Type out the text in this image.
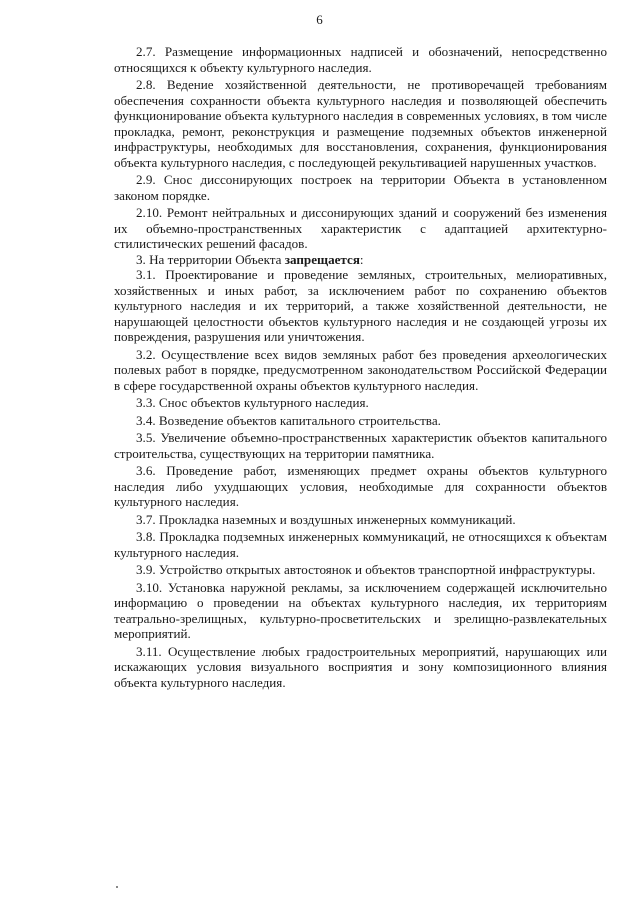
6

2.7. Размещение информационных надписей и обозначений, непосредственно относящихся к объекту культурного наследия.

2.8. Ведение хозяйственной деятельности, не противоречащей требованиям обеспечения сохранности объекта культурного наследия и позволяющей обеспечить функционирование объекта культурного наследия в современных условиях, в том числе прокладка, ремонт, реконструкция и размещение подземных объектов инженерной инфраструктуры, необходимых для восстановления, сохранения, функционирования объекта культурного наследия, с последующей рекультивацией нарушенных участков.

2.9. Снос диссонирующих построек на территории Объекта в установленном законом порядке.

2.10. Ремонт нейтральных и диссонирующих зданий и сооружений без изменения их объемно-пространственных характеристик с адаптацией архитектурно-стилистических решений фасадов.

3. На территории Объекта запрещается:

3.1. Проектирование и проведение земляных, строительных, мелиоративных, хозяйственных и иных работ, за исключением работ по сохранению объектов культурного наследия и их территорий, а также хозяйственной деятельности, не нарушающей целостности объектов культурного наследия и не создающей угрозы их повреждения, разрушения или уничтожения.

3.2. Осуществление всех видов земляных работ без проведения археологических полевых работ в порядке, предусмотренном законодательством Российской Федерации в сфере государственной охраны объектов культурного наследия.

3.3. Снос объектов культурного наследия.

3.4. Возведение объектов капитального строительства.

3.5. Увеличение объемно-пространственных характеристик объектов капитального строительства, существующих на территории памятника.

3.6. Проведение работ, изменяющих предмет охраны объектов культурного наследия либо ухудшающих условия, необходимые для сохранности объектов культурного наследия.

3.7. Прокладка наземных и воздушных инженерных коммуникаций.

3.8. Прокладка подземных инженерных коммуникаций, не относящихся к объектам культурного наследия.

3.9. Устройство открытых автостоянок и объектов транспортной инфраструктуры.

3.10. Установка наружной рекламы, за исключением содержащей исключительно информацию о проведении на объектах культурного наследия, их территориям театрально-зрелищных, культурно-просветительских и зрелищно-развлекательных мероприятий.

3.11. Осуществление любых градостроительных мероприятий, нарушающих или искажающих условия визуального восприятия и зону композиционного влияния объекта культурного наследия.
